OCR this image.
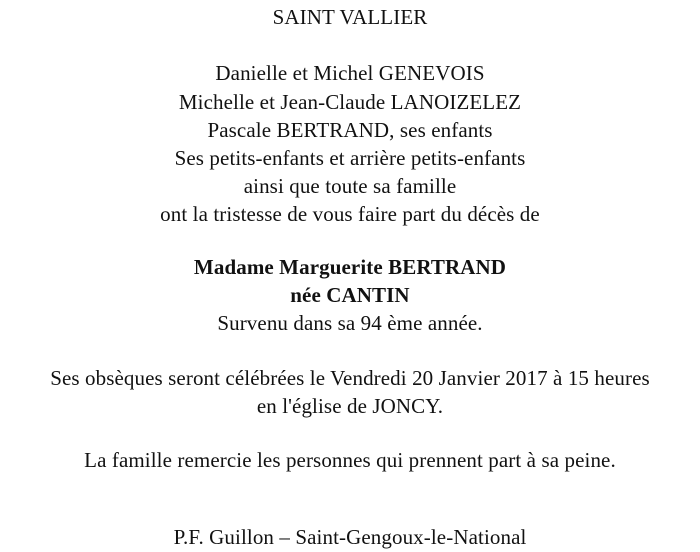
SAINT VALLIER
Danielle et Michel GENEVOIS
Michelle et Jean-Claude LANOIZELEZ
Pascale BERTRAND, ses enfants
Ses petits-enfants et arrière petits-enfants
ainsi que toute sa famille
ont la tristesse de vous faire part du décès de
Madame Marguerite BERTRAND
née CANTIN
Survenu dans sa 94 ème année.
Ses obsèques seront célébrées le Vendredi 20 Janvier 2017 à 15 heures
en l'église de JONCY.
La famille remercie les personnes qui prennent part à sa peine.
P.F. Guillon – Saint-Gengoux-le-National
